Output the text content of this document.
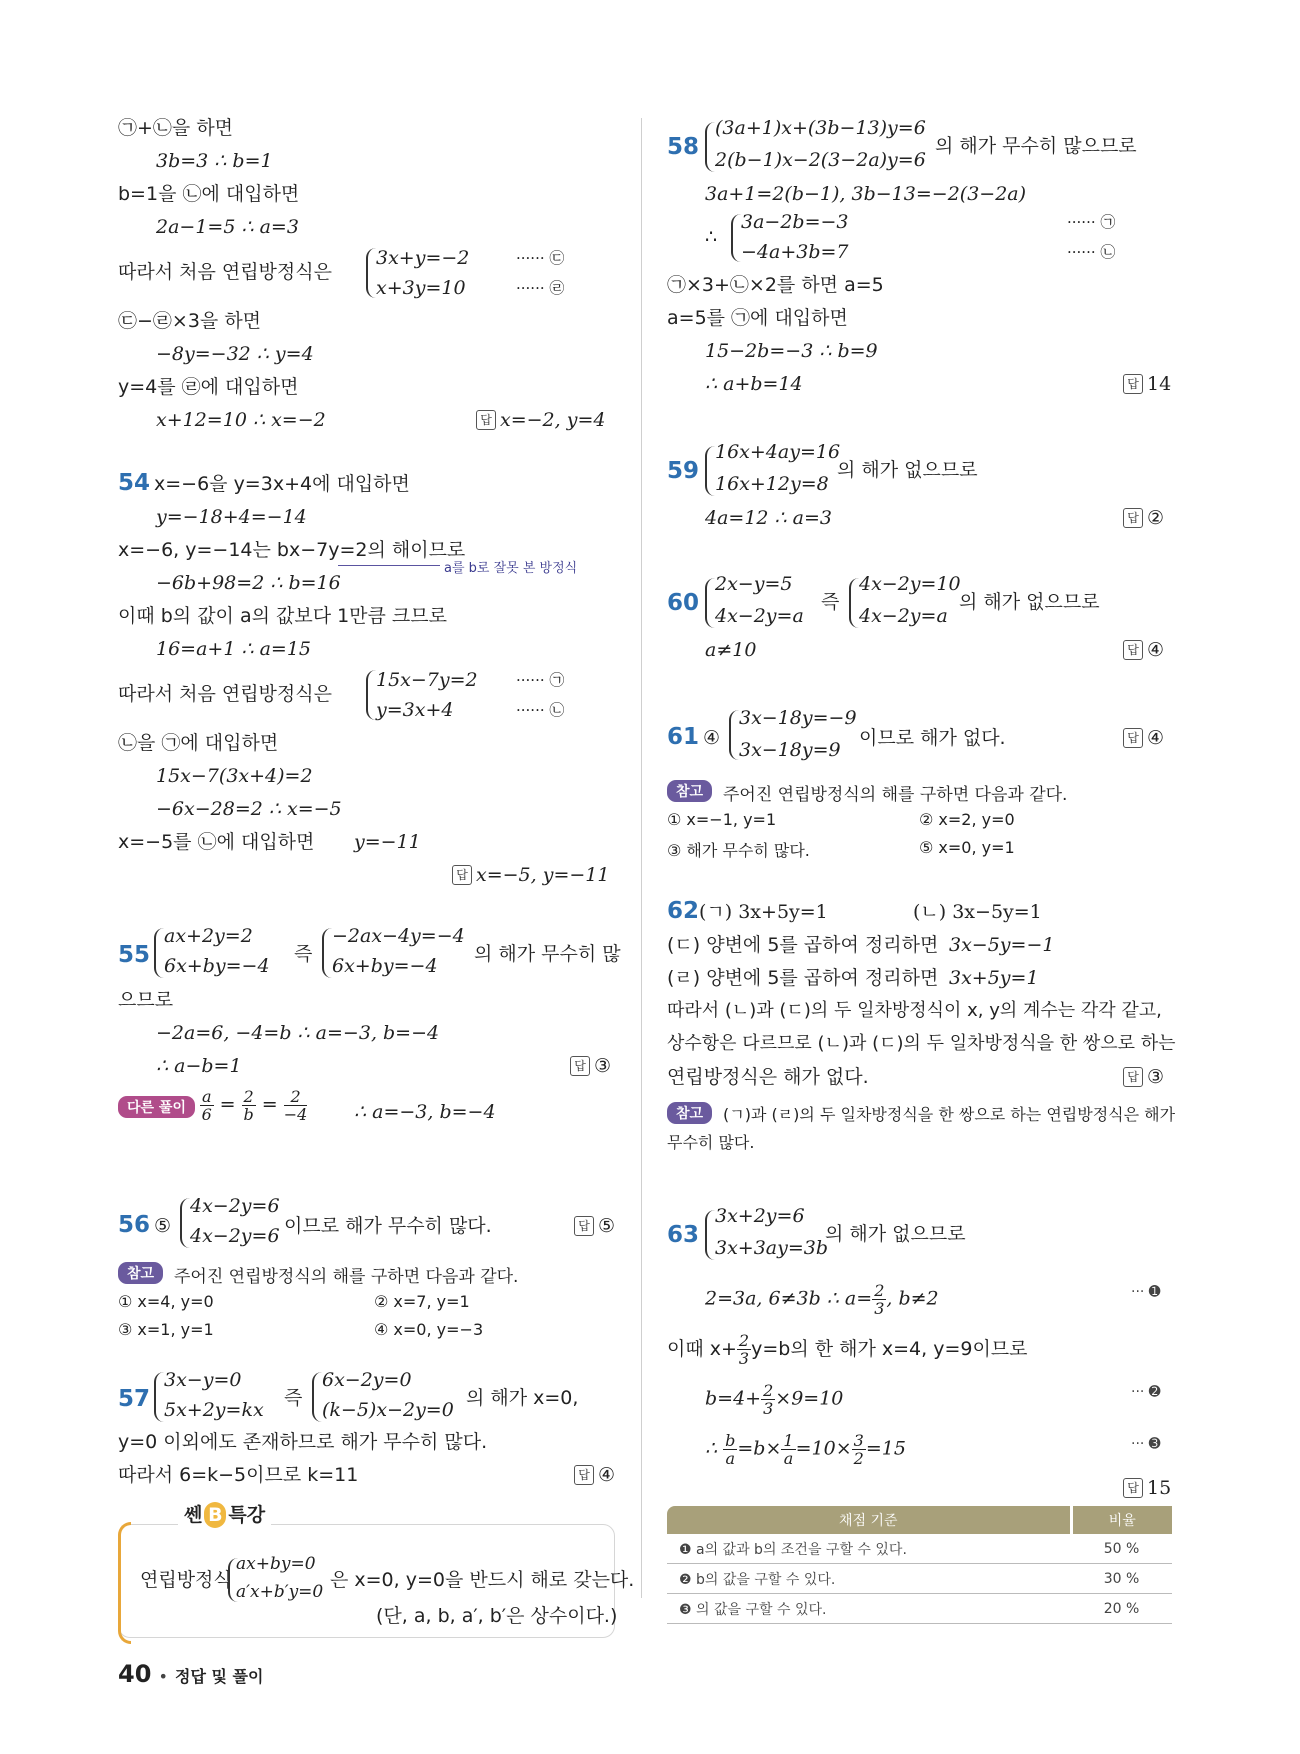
㉠+㉡을 하면
3b=3 ∴ b=1
b=1을 ㉡에 대입하면
2a−1=5 ∴ a=3
따라서 처음 연립방정식은
3x+y=−2
x+3y=10
······ ㉢
······ ㉣
㉢−㉣×3을 하면
−8y=−32 ∴ y=4
y=4를 ㉣에 대입하면
x+12=10 ∴ x=−2	답 x=−2, y=4
54 x=−6을 y=3x+4에 대입하면
y=−18+4=−14
x=−6, y=−14는 bx−7y=2의 해이므로
−6b+98=2 ∴ b=16
a를 b로 잘못 본 방정식
이때 b의 값이 a의 값보다 1만큼 크므로
16=a+1 ∴ a=15
따라서 처음 연립방정식은
15x−7y=2
y=3x+4
······ ㉠
······ ㉡
㉡을 ㉠에 대입하면
15x−7(3x+4)=2
−6x−28=2 ∴ x=−5
x=−5를 ㉡에 대입하면 y=−11
답 x=−5, y=−11
55
ax+2y=2
6x+by=−4
즉
−2ax−4y=−4
6x+by=−4
의 해가 무수히 많
으므로
−2a=6, −4=b ∴ a=−3, b=−4
∴ a−b=1	답 ③
다른 풀이 $\frac{a}{6} = \frac{2}{b} = \frac{2}{-4}$ ∴ a=−3, b=−4
56 ⑤
4x−2y=6
4x−2y=6 이므로 해가 무수히 많다.	답 ⑤
참고	주어진 연립방정식의 해를 구하면 다음과 같다.
① x=4, y=0	② x=7, y=1
③ x=1, y=1	④ x=0, y=−3
57
3x−y=0
5x+2y=kx
즉
6x−2y=0
(k−5)x−2y=0
의 해가 x=0,
y=0 이외에도 존재하므로 해가 무수히 많다.
따라서 6=k−5이므로 k=11	답 ④
쎈 B 특강
연립방정식
ax+by=0
a′x+b′y=0
은 x=0, y=0을 반드시 해로 갖는다.
(단, a, b, a′, b′은 상수이다.)
58
(3a+1)x+(3b−13)y=6
2(b−1)x−2(3−2a)y=6
의 해가 무수히 많으므로
3a+1=2(b−1), 3b−13=−2(3−2a)
∴
3a−2b=−3
−4a+3b=7
······ ㉠
······ ㉡
㉠×3+㉡×2를 하면 a=5
a=5를 ㉠에 대입하면
15−2b=−3 ∴ b=9
∴ a+b=14	답 14
59
16x+4ay=16
16x+12y=8
의 해가 없으므로
4a=12 ∴ a=3	답 ②
60
2x−y=5
4x−2y=a
즉
4x−2y=10
4x−2y=a
의 해가 없으므로
a≠10	답 ④
61 ④
3x−18y=−9
3x−18y=9
이므로 해가 없다.	답 ④
참고	주어진 연립방정식의 해를 구하면 다음과 같다.
① x=−1, y=1	② x=2, y=0
③ 해가 무수히 많다.	⑤ x=0, y=1
62 (ㄱ) 3x+5y=1	(ㄴ) 3x−5y=1
(ㄷ) 양변에 5를 곱하여 정리하면 3x−5y=−1
(ㄹ) 양변에 5를 곱하여 정리하면 3x+5y=1
따라서 (ㄴ)과 (ㄷ)의 두 일차방정식이 x, y의 계수는 각각 같고,
상수항은 다르므로 (ㄴ)과 (ㄷ)의 두 일차방정식을 한 쌍으로 하는
연립방정식은 해가 없다.	답 ③
참고	(ㄱ)과 (ㄹ)의 두 일차방정식을 한 쌍으로 하는 연립방정식은 해가
무수히 많다.
63
3x+2y=6
3x+3ay=3b
의 해가 없으므로
2=3a, 6≠3b ∴ $a= \frac{2}{3}$ , b≠2	··· ➊
이때 $x+ \frac{2}{3} y=b$의 한 해가 x=4, y=9이므로
$b=4+ \frac{2}{3} \times 9=10$	··· ➋
∴ $\frac{b}{a} =b\times \frac{1}{a} =10\times \frac{3}{2} =15$	··· ➌
답 15
채점 기준	비율
❶ a의 값과 b의 조건을 구할 수 있다.	50 %
❷ b의 값을 구할 수 있다.	30 %
❸ 의 값을 구할 수 있다.	20 %
40 • 정답 및 풀이
